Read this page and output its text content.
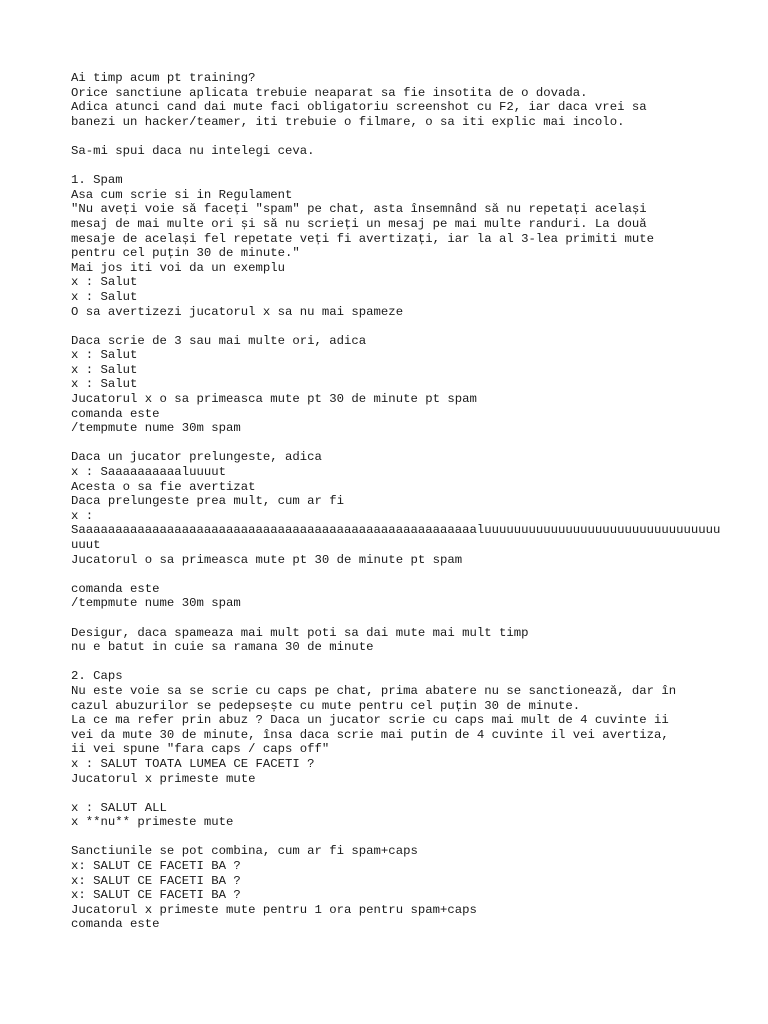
Ai timp acum pt training?
Orice sanctiune aplicata trebuie neaparat sa fie insotita de o dovada.
Adica atunci cand dai mute faci obligatoriu screenshot cu F2, iar daca vrei sa
banezi un hacker/teamer, iti trebuie o filmare, o sa iti explic mai incolo.
Sa-mi spui daca nu intelegi ceva.
1. Spam
Asa cum scrie si in Regulament
"Nu aveți voie să faceți "spam" pe chat, asta însemnând să nu repetați același
mesaj de mai multe ori și să nu scrieți un mesaj pe mai multe randuri. La două
mesaje de același fel repetate veți fi avertizați, iar la al 3-lea primiti mute
pentru cel puțin 30 de minute."
Mai jos iti voi da un exemplu
x : Salut
x : Salut
O sa avertizezi jucatorul x sa nu mai spameze
Daca scrie de 3 sau mai multe ori, adica
x : Salut
x : Salut
x : Salut
Jucatorul x o sa primeasca mute pt 30 de minute pt spam
comanda este
/tempmute nume 30m spam
Daca un jucator prelungeste, adica
x : Saaaaaaaaaaluuuut
Acesta o sa fie avertizat
Daca prelungeste prea mult, cum ar fi
x :
Saaaaaaaaaaaaaaaaaaaaaaaaaaaaaaaaaaaaaaaaaaaaaaaaaaaaaaluuuuuuuuuuuuuuuuuuuuuuuuuuuuuuuu
uuut
Jucatorul o sa primeasca mute pt 30 de minute pt spam
comanda este
/tempmute nume 30m spam
Desigur, daca spameaza mai mult poti sa dai mute mai mult timp
nu e batut in cuie sa ramana 30 de minute
2. Caps
Nu este voie sa se scrie cu caps pe chat, prima abatere nu se sanctionează, dar în
cazul abuzurilor se pedepsește cu mute pentru cel puțin 30 de minute.
La ce ma refer prin abuz ? Daca un jucator scrie cu caps mai mult de 4 cuvinte ii
vei da mute 30 de minute, însa daca scrie mai putin de 4 cuvinte il vei avertiza,
ii vei spune "fara caps / caps off"
x : SALUT TOATA LUMEA CE FACETI ?
Jucatorul x primeste mute
x : SALUT ALL
x **nu** primeste mute
Sanctiunile se pot combina, cum ar fi spam+caps
x: SALUT CE FACETI BA ?
x: SALUT CE FACETI BA ?
x: SALUT CE FACETI BA ?
Jucatorul x primeste mute pentru 1 ora pentru spam+caps
comanda este
